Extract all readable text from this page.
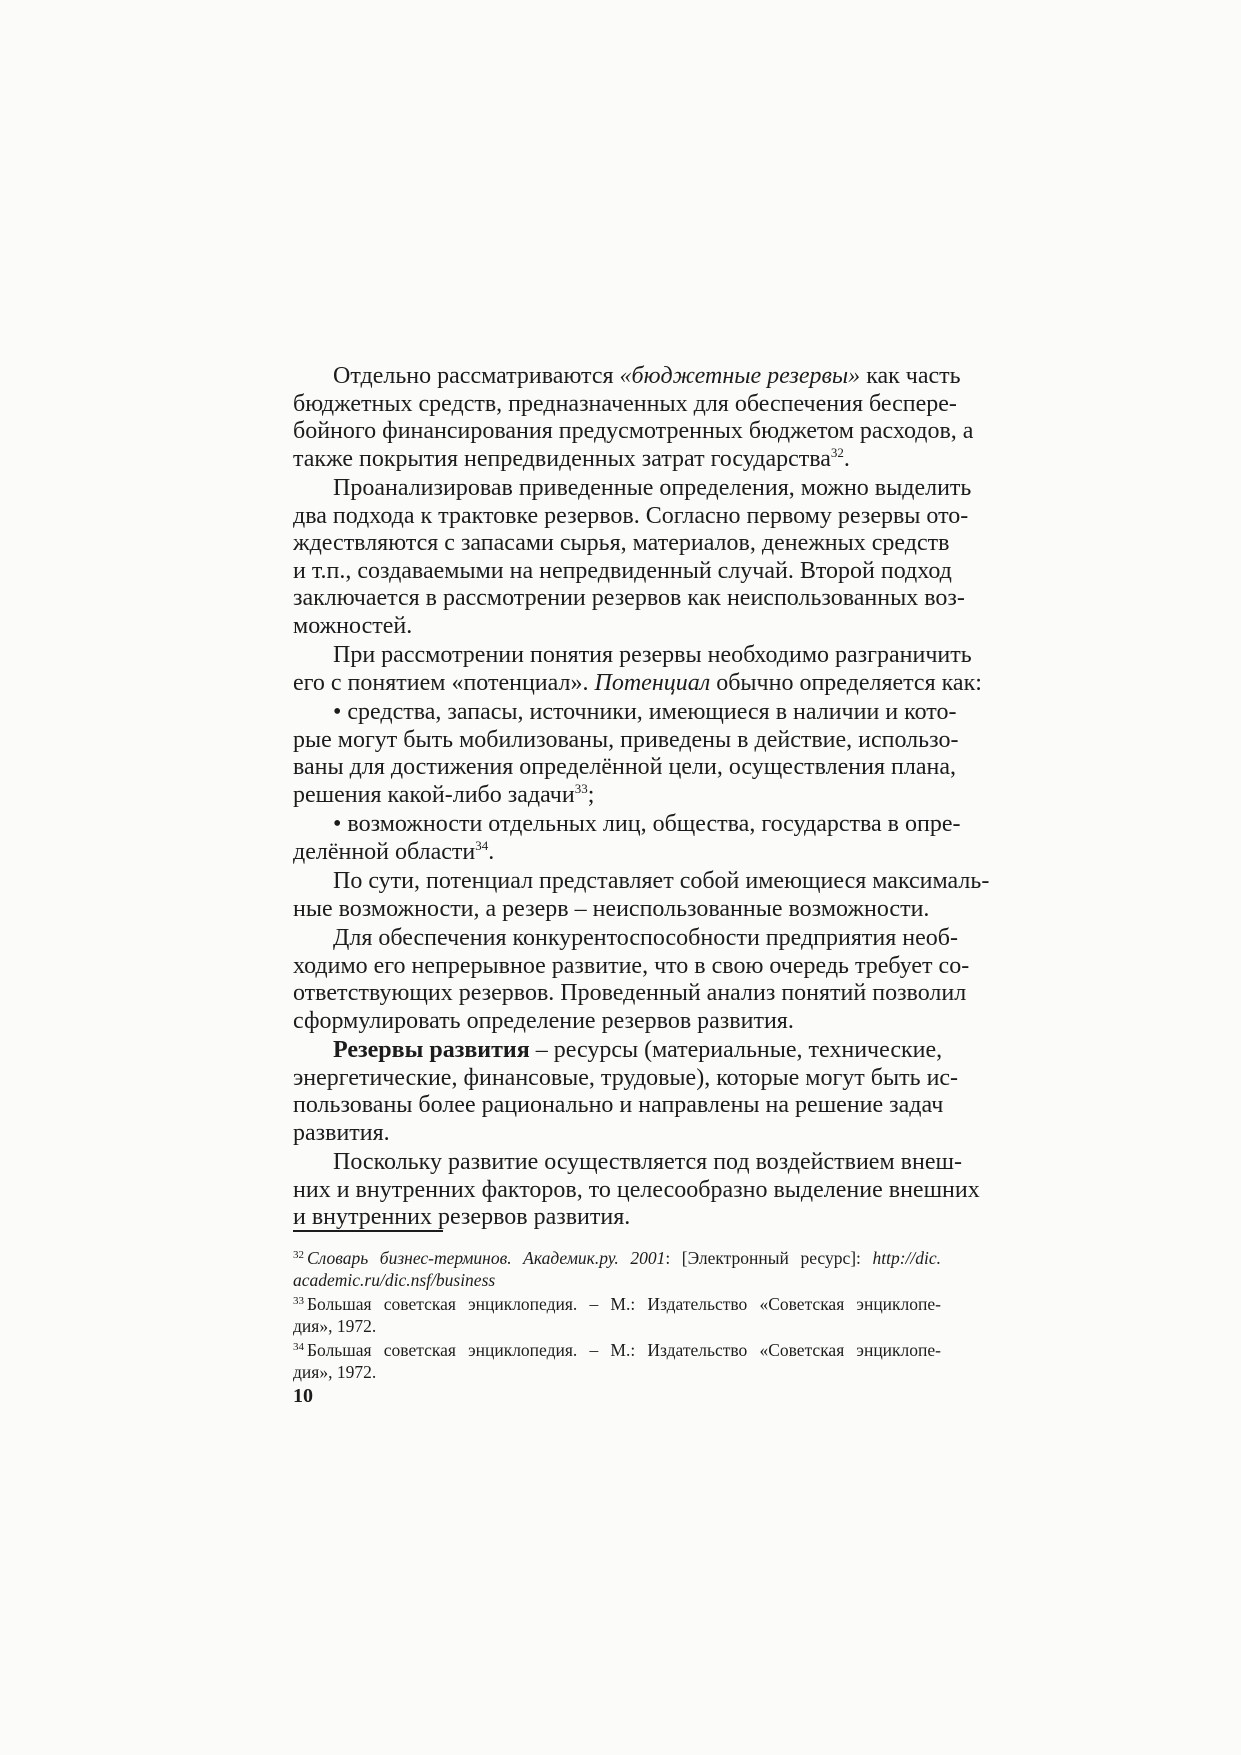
Отдельно рассматриваются «бюджетные резервы» как часть
бюджетных средств, предназначенных для обеспечения беспере-
бойного финансирования предусмотренных бюджетом расходов, а
также покрытия непредвиденных затрат государства$^{32}$.

Проанализировав приведенные определения, можно выделить
два подхода к трактовке резервов. Согласно первому резервы ото-
ждествляются с запасами сырья, материалов, денежных средств
и т.п., создаваемыми на непредвиденный случай. Второй подход
заключается в рассмотрении резервов как неиспользованных воз-
можностей.

При рассмотрении понятия резервы необходимо разграничить
его с понятием «потенциал». Потенциал обычно определяется как:

• средства, запасы, источники, имеющиеся в наличии и кото-
рые могут быть мобилизованы, приведены в действие, использо-
ваны для достижения определённой цели, осуществления плана,
решения какой-либо задачи$^{33}$;

• возможности отдельных лиц, общества, государства в опре-
делённой области$^{34}$.

По сути, потенциал представляет собой имеющиеся максималь-
ные возможности, а резерв – неиспользованные возможности.

Для обеспечения конкурентоспособности предприятия необ-
ходимо его непрерывное развитие, что в свою очередь требует со-
ответствующих резервов. Проведенный анализ понятий позволил
сформулировать определение резервов развития.

Резервы развития – ресурсы (материальные, технические,
энергетические, финансовые, трудовые), которые могут быть ис-
пользованы более рационально и направлены на решение задач
развития.

Поскольку развитие осуществляется под воздействием внеш-
них и внутренних факторов, то целесообразно выделение внешних
и внутренних резервов развития.

$^{32}$ Словарь бизнес-терминов. Академик.ру. 2001: [Электронный ресурс]: http://dic.
academic.ru/dic.nsf/business
$^{33}$ Большая советская энциклопедия. – М.: Издательство «Советская энциклопе-
дия», 1972.
$^{34}$ Большая советская энциклопедия. – М.: Издательство «Советская энциклопе-
дия», 1972.
10
